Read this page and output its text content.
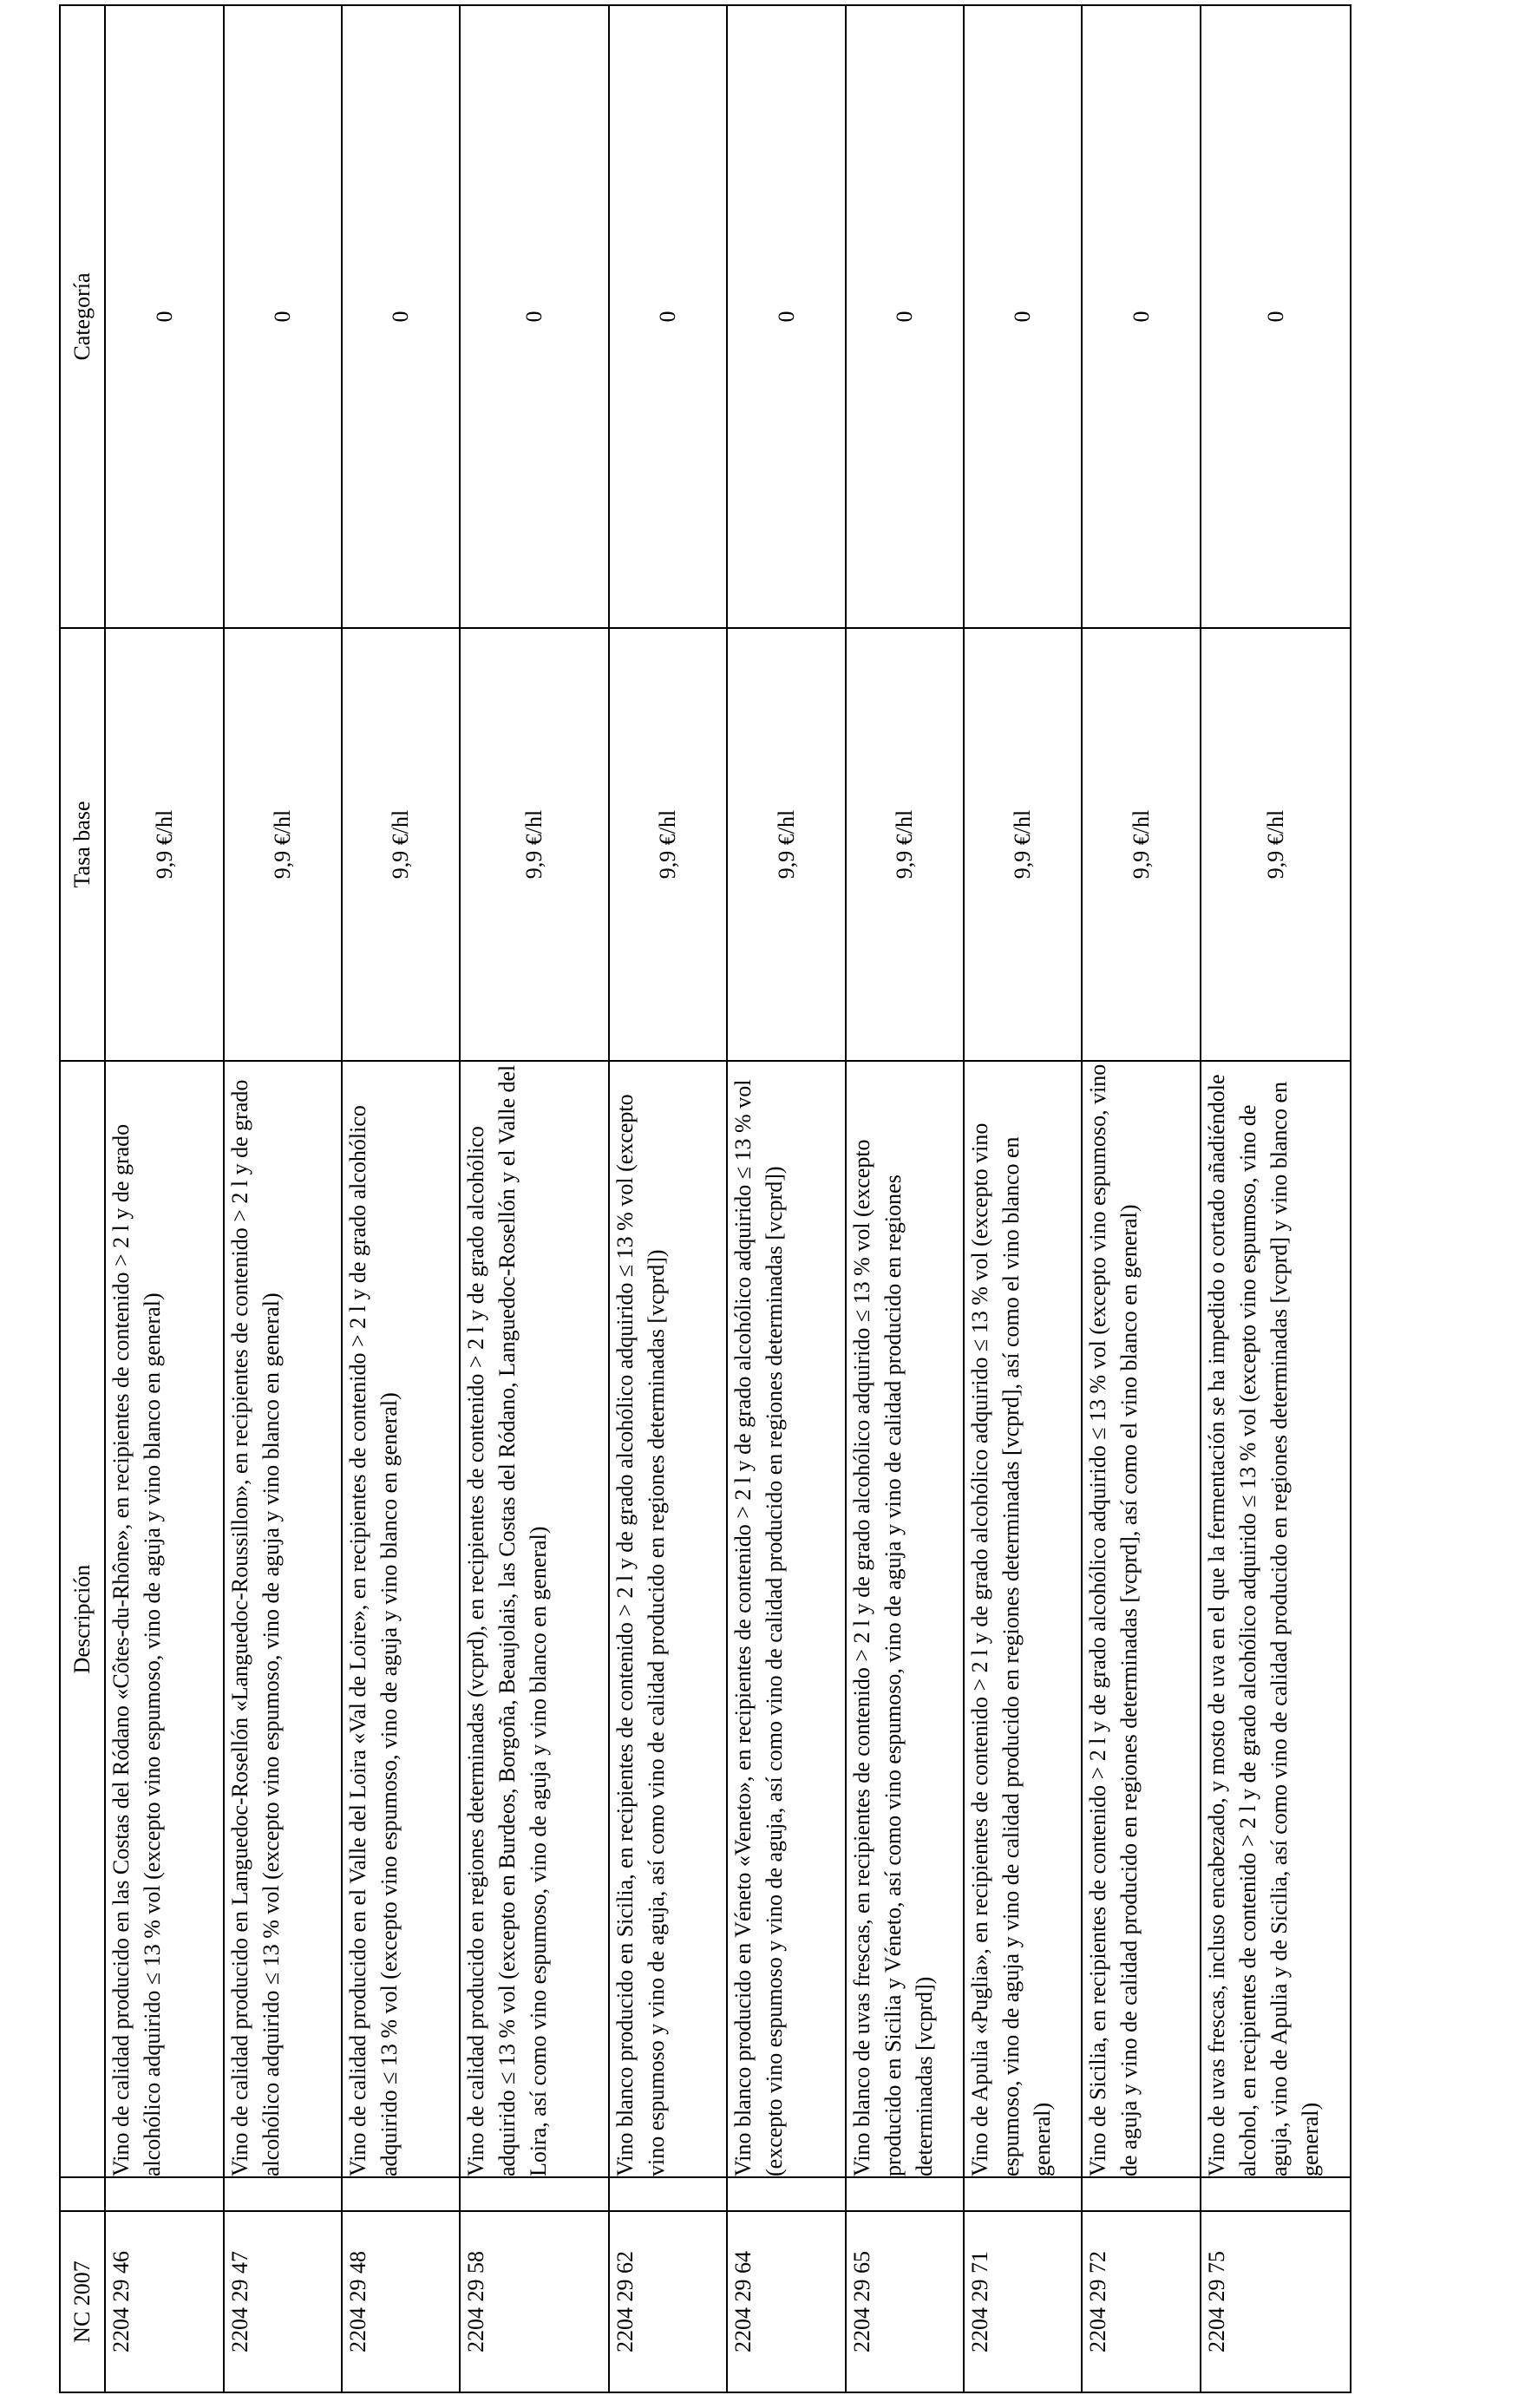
NC 2007		Descripción	Tasa base	Categoría
2204 29 46		Vino de calidad producido en las Costas del Ródano «Côtes-du-Rhône», en recipientes de contenido > 2 l y de grado alcohólico adquirido ≤ 13 % vol (excepto vino espumoso, vino de aguja y vino blanco en general)	9,9 €/hl	0
2204 29 47		Vino de calidad producido en Languedoc-Rosellón «Languedoc-Roussillon», en recipientes de contenido > 2 l y de grado alcohólico adquirido ≤ 13 % vol (excepto vino espumoso, vino de aguja y vino blanco en general)	9,9 €/hl	0
2204 29 48		Vino de calidad producido en el Valle del Loira «Val de Loire», en recipientes de contenido > 2 l y de grado alcohólico adquirido ≤ 13 % vol (excepto vino espumoso, vino de aguja y vino blanco en general)	9,9 €/hl	0
2204 29 58		Vino de calidad producido en regiones determinadas (vcprd), en recipientes de contenido > 2 l y de grado alcohólico adquirido ≤ 13 % vol (excepto en Burdeos, Borgoña, Beaujolais, las Costas del Ródano, Languedoc-Rosellón y el Valle del Loira, así como vino espumoso, vino de aguja y vino blanco en general)	9,9 €/hl	0
2204 29 62		Vino blanco producido en Sicilia, en recipientes de contenido > 2 l y de grado alcohólico adquirido ≤ 13 % vol (excepto vino espumoso y vino de aguja, así como vino de calidad producido en regiones determinadas [vcprd])	9,9 €/hl	0
2204 29 64		Vino blanco producido en Véneto «Veneto», en recipientes de contenido > 2 l y de grado alcohólico adquirido ≤ 13 % vol (excepto vino espumoso y vino de aguja, así como vino de calidad producido en regiones determinadas [vcprd])	9,9 €/hl	0
2204 29 65		Vino blanco de uvas frescas, en recipientes de contenido > 2 l y de grado alcohólico adquirido ≤ 13 % vol (excepto producido en Sicilia y Véneto, así como vino espumoso, vino de aguja y vino de calidad producido en regiones determinadas [vcprd])	9,9 €/hl	0
2204 29 71		Vino de Apulia «Puglia», en recipientes de contenido > 2 l y de grado alcohólico adquirido ≤ 13 % vol (excepto vino espumoso, vino de aguja y vino de calidad producido en regiones determinadas [vcprd], así como el vino blanco en general)	9,9 €/hl	0
2204 29 72		Vino de Sicilia, en recipientes de contenido > 2 l y de grado alcohólico adquirido ≤ 13 % vol (excepto vino espumoso, vino de aguja y vino de calidad producido en regiones determinadas [vcprd], así como el vino blanco en general)	9,9 €/hl	0
2204 29 75		Vino de uvas frescas, incluso encabezado, y mosto de uva en el que la fermentación se ha impedido o cortado añadiéndole alcohol, en recipientes de contenido > 2 l y de grado alcohólico adquirido ≤ 13 % vol (excepto vino espumoso, vino de aguja, vino de Apulia y de Sicilia, así como vino de calidad producido en regiones determinadas [vcprd] y vino blanco en general)	9,9 €/hl	0
